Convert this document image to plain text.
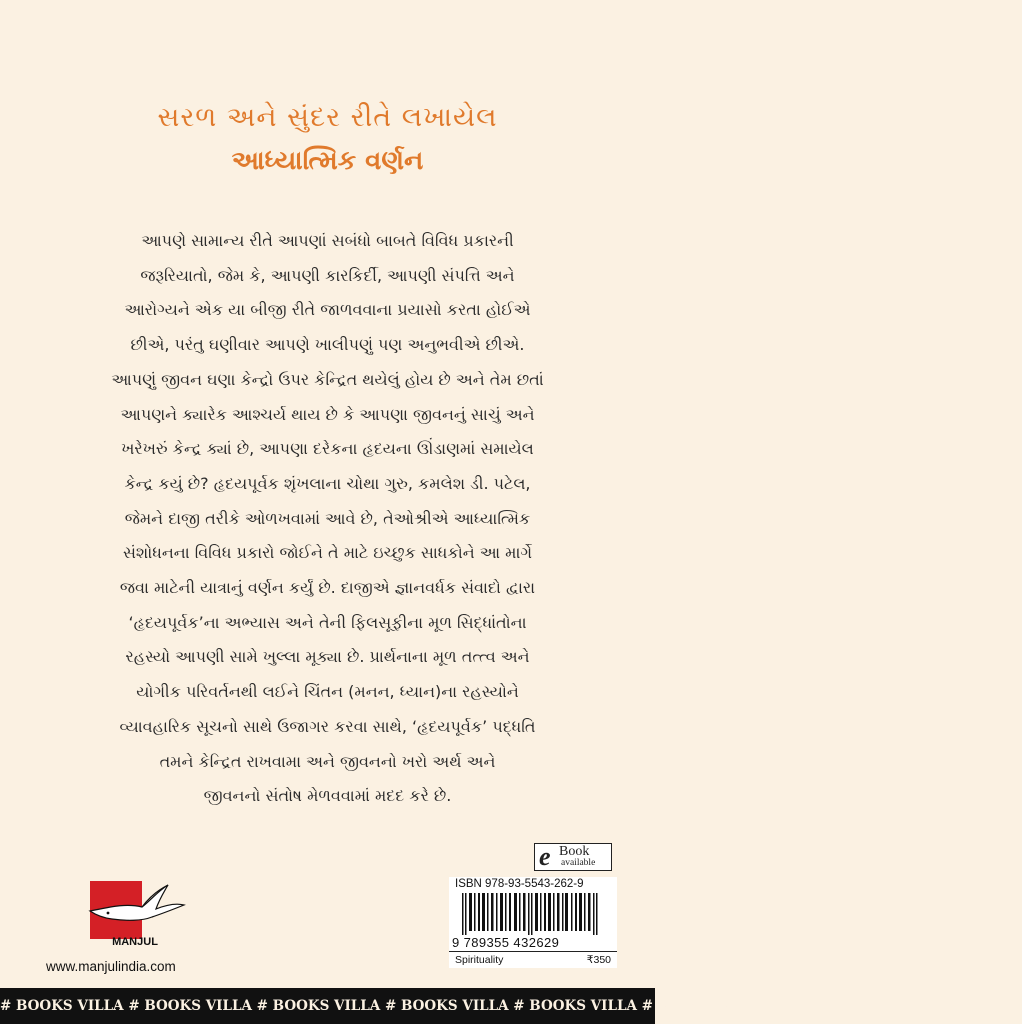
સરળ અને સુંદર રીતે લખાયેલ
આધ્યાત્મિક વર્ણન
આપણે સામાન્ય રીતે આપણાં સબંધો બાબતે વિવિધ પ્રકારની
જરૂરિયાતો, જેમ કે, આપણી કારકિર્દી, આપણી સંપત્તિ અને
આરોગ્યને એક યા બીજી રીતે જાળવવાના પ્રયાસો કરતા હોઈએ
છીએ, પરંતુ ઘણીવાર આપણે ખાલીપણું પણ અનુભવીએ છીએ.
આપણું જીવન ઘણા કેન્દ્રો ઉપર કેન્દ્રિત થયેલું હોય છે અને તેમ છતાં
આપણને ક્યારેક આશ્ચર્ય થાય છે કે આપણા જીવનનું સાચું અને
ખરેખરું કેન્દ્ર ક્યાં છે, આપણા દરેકના હૃદયના ઊંડાણમાં સમાયેલ
કેન્દ્ર કયું છે? હૃદયપૂર્વક શૃંખલાના ચોથા ગુરુ, કમલેશ ડી. પટેલ,
જેમને દાજી તરીકે ઓળખવામાં આવે છે, તેઓશ્રીએ આધ્યાત્મિક
સંશોધનના વિવિધ પ્રકારો જોઈને તે માટે ઇચ્છુક સાધકોને આ માર્ગે
જવા માટેની યાત્રાનું વર્ણન કર્યું છે. દાજીએ જ્ઞાનવર્ધક સંવાદો દ્વારા
‘હૃદયપૂર્વક’ના અભ્યાસ અને તેની ફિલસૂફીના મૂળ સિદ્ધાંતોના
રહસ્યો આપણી સામે ખુલ્લા મૂક્યા છે. પ્રાર્થનાના મૂળ તત્ત્વ અને
યોગીક પરિવર્તનથી લઈને ચિંતન (મનન, ધ્યાન)ના રહસ્યોને
વ્યાવહારિક સૂચનો સાથે ઉજાગર કરવા સાથે, ‘હૃદયપૂર્વક’ પદ્ધતિ
તમને કેન્દ્રિત રાખવામા અને જીવનનો ખરો અર્થ અને
જીવનનો સંતોષ મેળવવામાં મદદ કરે છે.
MANJUL
www.manjulindia.com
e Book
available
ISBN 978-93-5543-262-9
9 789355 432629
Spirituality	₹350
# BOOKS VILLA # BOOKS VILLA # BOOKS VILLA # BOOKS VILLA # BOOKS VILLA # BOOKS VILLA # BOOKS VILLA # BOOKS VILLA
